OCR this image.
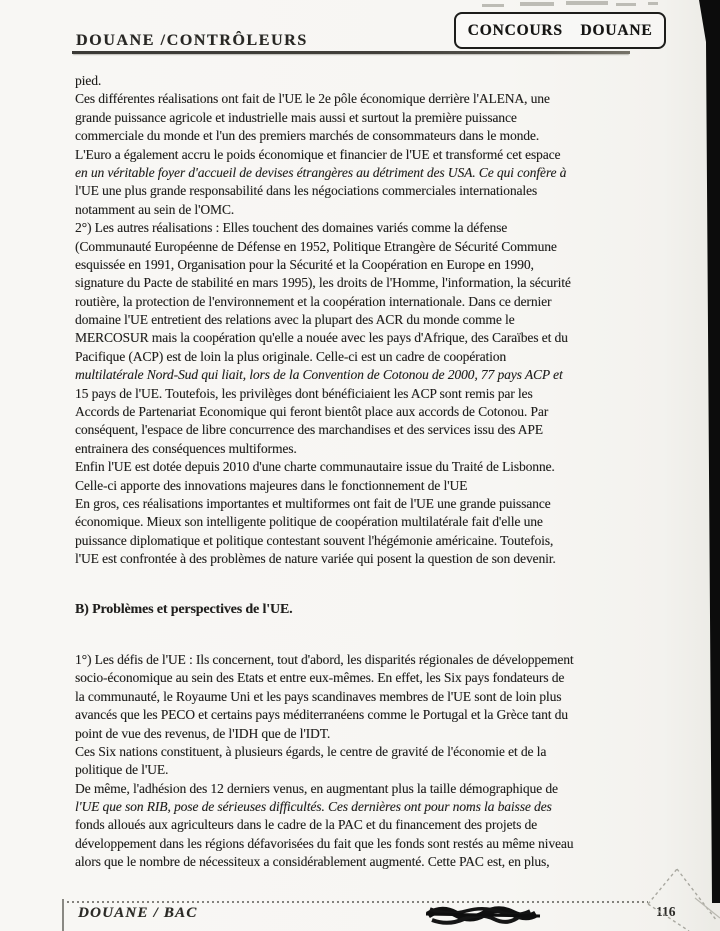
DOUANE /CONTRÔLEURS
CONCOURS DOUANE
pied.
Ces différentes réalisations ont fait de l'UE le 2e pôle économique derrière l'ALENA, une
grande puissance agricole et industrielle mais aussi et surtout la première puissance
commerciale du monde et l'un des premiers marchés de consommateurs dans le monde.
L'Euro a également accru le poids économique et financier de l'UE et transformé cet espace
en un véritable foyer d'accueil de devises étrangères au détriment des USA. Ce qui confère à
l'UE une plus grande responsabilité dans les négociations commerciales internationales
notamment au sein de l'OMC.
2°) Les autres réalisations : Elles touchent des domaines variés comme la défense
(Communauté Européenne de Défense en 1952, Politique Etrangère de Sécurité Commune
esquissée en 1991, Organisation pour la Sécurité et la Coopération en Europe en 1990,
signature du Pacte de stabilité en mars 1995), les droits de l'Homme, l'information, la sécurité
routière, la protection de l'environnement et la coopération internationale. Dans ce dernier
domaine l'UE entretient des relations avec la plupart des ACR du monde comme le
MERCOSUR mais la coopération qu'elle a nouée avec les pays d'Afrique, des Caraïbes et du
Pacifique (ACP) est de loin la plus originale. Celle-ci est un cadre de coopération
multilatérale Nord-Sud qui liait, lors de la Convention de Cotonou de 2000, 77 pays ACP et
15 pays de l'UE. Toutefois, les privilèges dont bénéficiaient les ACP sont remis par les
Accords de Partenariat Economique qui feront bientôt place aux accords de Cotonou. Par
conséquent, l'espace de libre concurrence des marchandises et des services issu des APE
entrainera des conséquences multiformes.
Enfin l'UE est dotée depuis 2010 d'une charte communautaire issue du Traité de Lisbonne.
Celle-ci apporte des innovations majeures dans le fonctionnement de l'UE
En gros, ces réalisations importantes et multiformes ont fait de l'UE une grande puissance
économique. Mieux son intelligente politique de coopération multilatérale fait d'elle une
puissance diplomatique et politique contestant souvent l'hégémonie américaine. Toutefois,
l'UE est confrontée à des problèmes de nature variée qui posent la question de son devenir.
B) Problèmes et perspectives de l'UE.
1°) Les défis de l'UE : Ils concernent, tout d'abord, les disparités régionales de développement
socio-économique au sein des Etats et entre eux-mêmes. En effet, les Six pays fondateurs de
la communauté, le Royaume Uni et les pays scandinaves membres de l'UE sont de loin plus
avancés que les PECO et certains pays méditerranéens comme le Portugal et la Grèce tant du
point de vue des revenus, de l'IDH que de l'IDT.
Ces Six nations constituent, à plusieurs égards, le centre de gravité de l'économie et de la
politique de l'UE.
De même, l'adhésion des 12 derniers venus, en augmentant plus la taille démographique de
l'UE que son RIB, pose de sérieuses difficultés. Ces dernières ont pour noms la baisse des
fonds alloués aux agriculteurs dans le cadre de la PAC et du financement des projets de
développement dans les régions défavorisées du fait que les fonds sont restés au même niveau
alors que le nombre de nécessiteux a considérablement augmenté. Cette PAC est, en plus,
DOUANE / BAC	116
